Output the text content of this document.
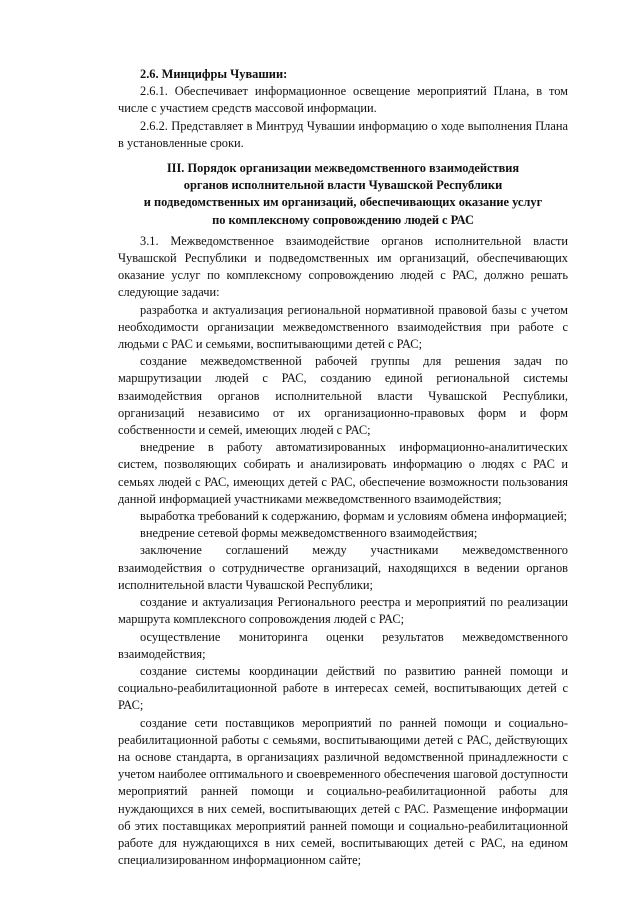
2.6. Минцифры Чувашии:

2.6.1. Обеспечивает информационное освещение мероприятий Плана, в том числе с участием средств массовой информации.

2.6.2. Представляет в Минтруд Чувашии информацию о ходе выполнения Плана в установленные сроки.

III. Порядок организации межведомственного взаимодействия
органов исполнительной власти Чувашской Республики
и подведомственных им организаций, обеспечивающих оказание услуг
по комплексному сопровождению людей с РАС

3.1. Межведомственное взаимодействие органов исполнительной власти Чувашской Республики и подведомственных им организаций, обеспечивающих оказание услуг по комплексному сопровождению людей с РАС, должно решать следующие задачи:

разработка и актуализация региональной нормативной правовой базы с учетом необходимости организации межведомственного взаимодействия при работе с людьми с РАС и семьями, воспитывающими детей с РАС;

создание межведомственной рабочей группы для решения задач по маршрутизации людей с РАС, созданию единой региональной системы взаимодействия органов исполнительной власти Чувашской Республики, организаций независимо от их организационно-правовых форм и форм собственности и семей, имеющих людей с РАС;

внедрение в работу автоматизированных информационно-аналитических систем, позволяющих собирать и анализировать информацию о людях с РАС и семьях людей с РАС, имеющих детей с РАС, обеспечение возможности пользования данной информацией участниками межведомственного взаимодействия;

выработка требований к содержанию, формам и условиям обмена информацией;

внедрение сетевой формы межведомственного взаимодействия;

заключение соглашений между участниками межведомственного взаимодействия о сотрудничестве организаций, находящихся в ведении органов исполнительной власти Чувашской Республики;

создание и актуализация Регионального реестра и мероприятий по реализации маршрута комплексного сопровождения людей с РАС;

осуществление мониторинга оценки результатов межведомственного взаимодействия;

создание системы координации действий по развитию ранней помощи и социально-реабилитационной работе в интересах семей, воспитывающих детей с РАС;

создание сети поставщиков мероприятий по ранней помощи и социально-реабилитационной работы с семьями, воспитывающими детей с РАС, действующих на основе стандарта, в организациях различной ведомственной принадлежности с учетом наиболее оптимального и своевременного обеспечения шаговой доступности мероприятий ранней помощи и социально-реабилитационной работы для нуждающихся в них семей, воспитывающих детей с РАС. Размещение информации об этих поставщиках мероприятий ранней помощи и социально-реабилитационной работе для нуждающихся в них семей, воспитывающих детей с РАС, на едином специализированном информационном сайте;
